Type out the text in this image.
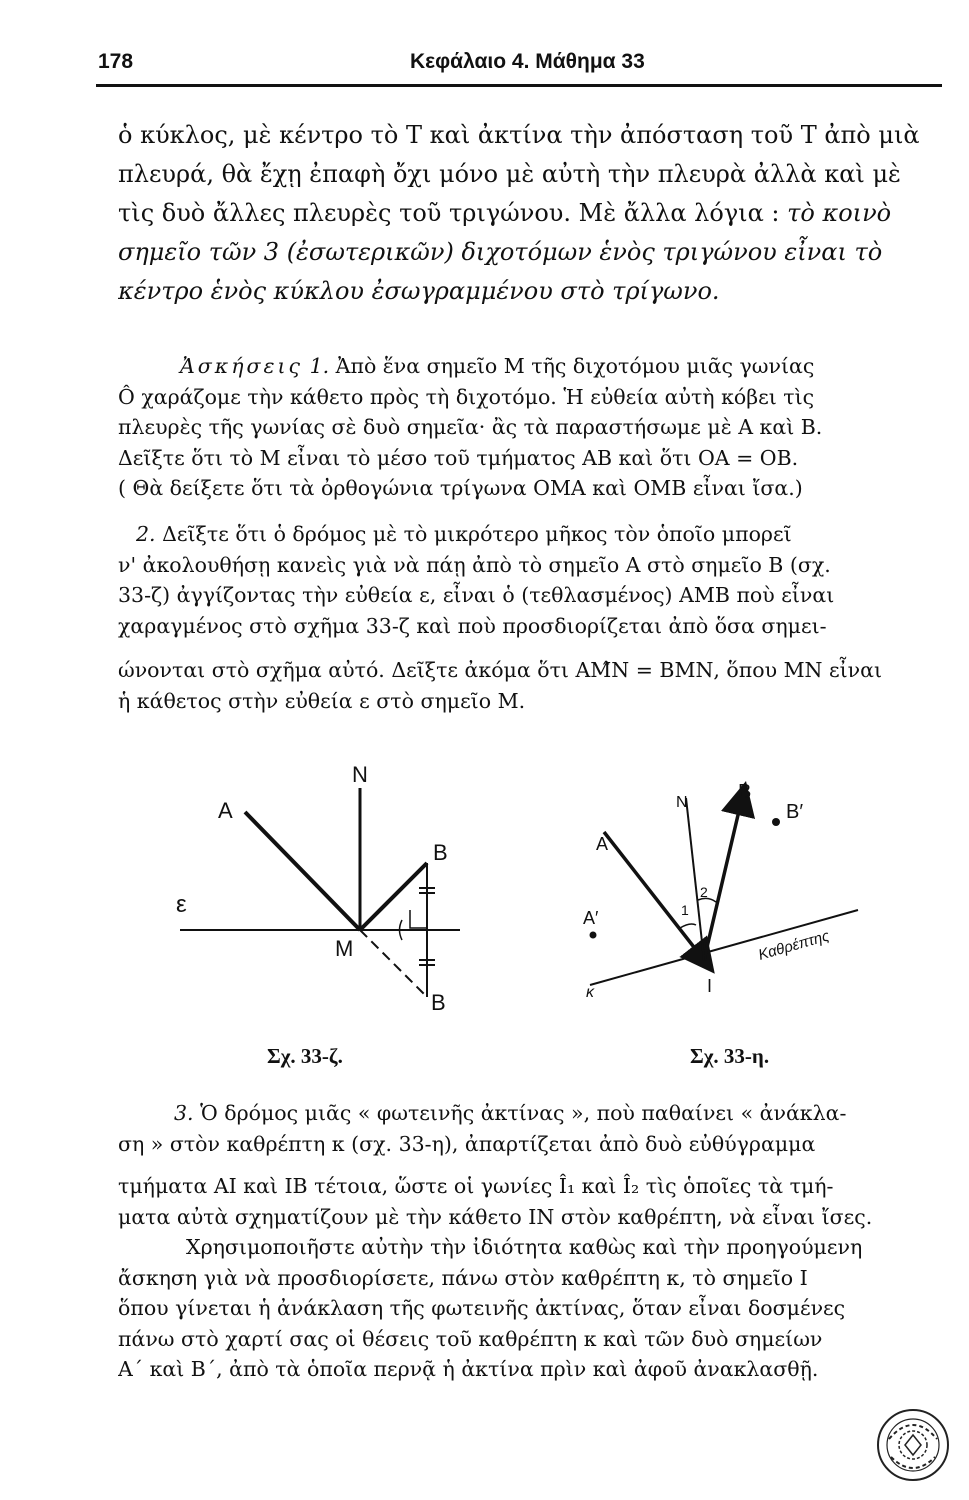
178	Κεφάλαιο 4. Μάθημα 33

ὁ κύκλος, μὲ κέντρο τὸ Τ καὶ ἀκτίνα τὴν ἀπόσταση τοῦ Τ ἀπὸ μιὰ

πλευρά, θὰ ἔχῃ ἐπαφὴ ὄχι μόνο μὲ αὐτὴ τὴν πλευρὰ ἀλλὰ καὶ μὲ

τὶς δυὸ ἄλλες πλευρὲς τοῦ τριγώνου. Μὲ ἄλλα λόγια : τὸ κοινὸ

σημεῖο τῶν 3 (ἐσωτερικῶν) διχοτόμων ἑνὸς τριγώνου εἶναι τὸ

κέντρο ἑνὸς κύκλου ἐσωγραμμένου στὸ τρίγωνο.

Ἀσκήσεις 1. Ἀπὸ ἕνα σημεῖο Μ τῆς διχοτόμου μιᾶς γωνίας

Ô χαράζομε τὴν κάθετο πρὸς τὴ διχοτόμο. Ἡ εὐθεία αὐτὴ κόβει τὶς

πλευρὲς τῆς γωνίας σὲ δυὸ σημεῖα· ἂς τὰ παραστήσωμε μὲ Α καὶ Β.

Δεῖξτε ὅτι τὸ Μ εἶναι τὸ μέσο τοῦ τμήματος ΑΒ καὶ ὅτι ΟΑ = ΟΒ.

( Θὰ δείξετε ὅτι τὰ ὀρθογώνια τρίγωνα ΟΜΑ καὶ ΟΜΒ εἶναι ἴσα.)

2. Δεῖξτε ὅτι ὁ δρόμος μὲ τὸ μικρότερο μῆκος τὸν ὁποῖο μπορεῖ

ν' ἀκολουθήσῃ κανεὶς γιὰ νὰ πάῃ ἀπὸ τὸ σημεῖο Α στὸ σημεῖο Β (σχ.

33-ζ) ἀγγίζοντας τὴν εὐθεία ε, εἶναι ὁ (τεθλασμένος) ΑΜΒ ποὺ εἶναι

χαραγμένος στὸ σχῆμα 33-ζ καὶ ποὺ προσδιορίζεται ἀπὸ ὅσα σημει-

ώνονται στὸ σχῆμα αὐτό. Δεῖξτε ἀκόμα ὅτι ΑΜ̂Ν = ΒΜΝ, ὅπου ΜΝ εἶναι

ἡ κάθετος στὴν εὐθεία ε στὸ σημεῖο Μ.

A
N
B
ε
M
B
N	B
B′
A
A′	1
2
Καθρέπτης
I
κ
Σχ. 33-ζ.	Σχ. 33-η.

3. Ὁ δρόμος μιᾶς « φωτεινῆς ἀκτίνας », ποὺ παθαίνει « ἀνάκλα-

ση » στὸν καθρέπτη κ (σχ. 33-η), ἀπαρτίζεται ἀπὸ δυὸ εὐθύγραμμα

τμήματα ΑΙ καὶ ΙΒ τέτοια, ὥστε οἱ γωνίες Î₁ καὶ Î₂ τὶς ὁποῖες τὰ τμή-

ματα αὐτὰ σχηματίζουν μὲ τὴν κάθετο ΙΝ στὸν καθρέπτη, νὰ εἶναι ἴσες.

Χρησιμοποιῆστε αὐτὴν τὴν ἰδιότητα καθὼς καὶ τὴν προηγούμενη

ἄσκηση γιὰ νὰ προσδιορίσετε, πάνω στὸν καθρέπτη κ, τὸ σημεῖο Ι

ὅπου γίνεται ἡ ἀνάκλαση τῆς φωτεινῆς ἀκτίνας, ὅταν εἶναι δοσμένες

πάνω στὸ χαρτί σας οἱ θέσεις τοῦ καθρέπτη κ καὶ τῶν δυὸ σημείων

Α΄ καὶ Β΄, ἀπὸ τὰ ὁποῖα περνᾷ ἡ ἀκτίνα πρὶν καὶ ἀφοῦ ἀνακλασθῇ.
